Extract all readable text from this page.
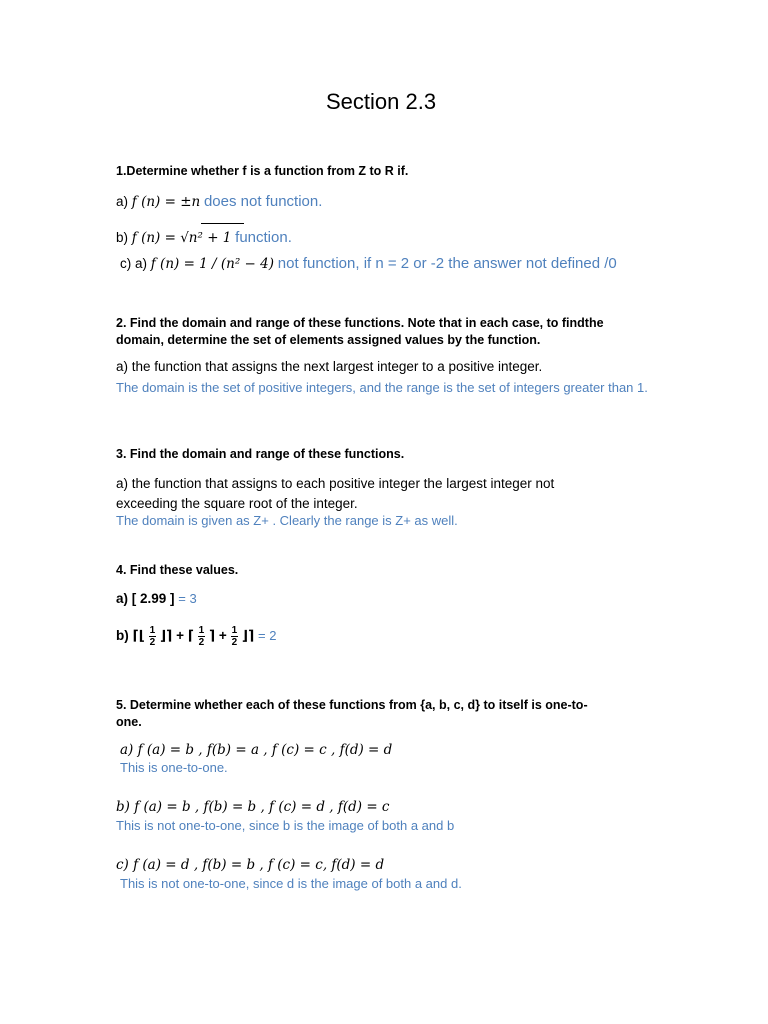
Section 2.3
1.Determine whether f is a function from Z to R if.
a) f (n) = ±n does not function.
b) f (n) = √n² + 1 function.
c) a) f (n) = 1 / (n² − 4) not function, if n = 2 or -2 the answer not defined /0
2. Find the domain and range of these functions. Note that in each case, to findthe domain, determine the set of elements assigned values by the function.
a) the function that assigns the next largest integer to a positive integer.
The domain is the set of positive integers, and the range is the set of integers greater than 1.
3. Find the domain and range of these functions.
a) the function that assigns to each positive integer the largest integer not exceeding the square root of the integer.
The domain is given as Z+ . Clearly the range is Z+ as well.
4. Find these values.
a) [ 2.99 ] = 3
b) ⌈⌊ $\frac{1}{2}$ ⌋⌉ + ⌈ $\frac{1}{2}$ ⌉ + $\frac{1}{2}$ ⌋⌉ = 2
5. Determine whether each of these functions from {a, b, c, d} to itself is one-to-one.
a) f (a) = b , f(b) = a , f (c) = c , f(d) = d
This is one-to-one.
b) f (a) = b , f(b) = b , f (c) = d , f(d) = c
This is not one-to-one, since b is the image of both a and b
c) f (a) = d , f(b) = b , f (c) = c, f(d) = d
This is not one-to-one, since d is the image of both a and d.
